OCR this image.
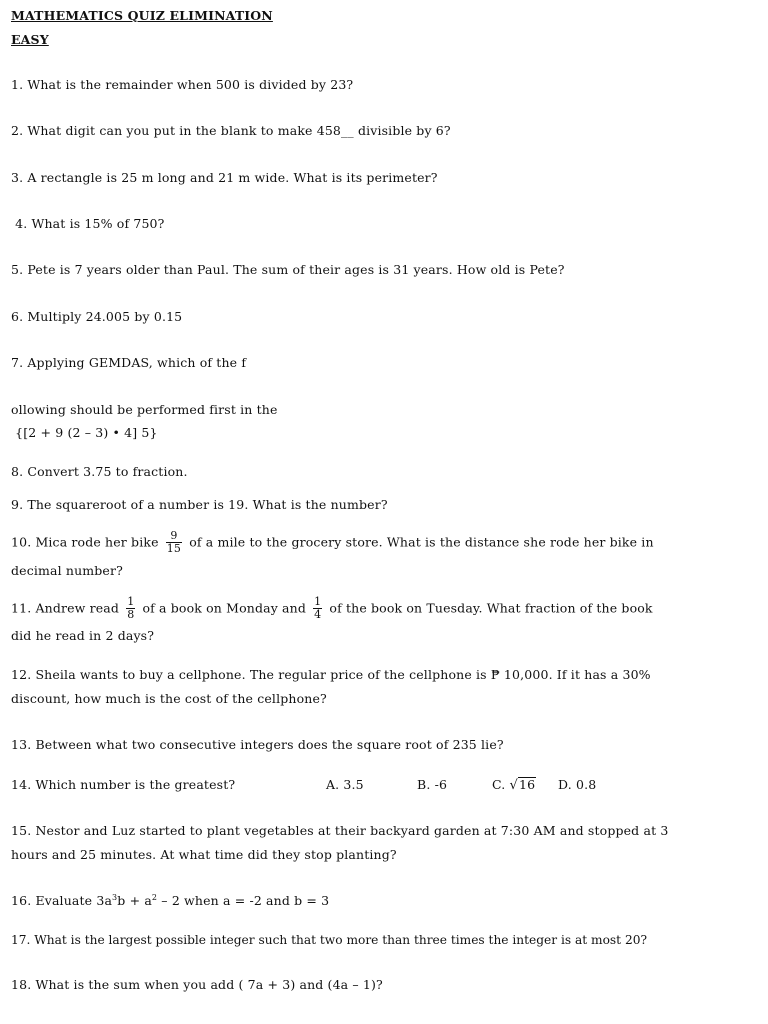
MATHEMATICS QUIZ ELIMINATION
EASY
1. What is the remainder when 500 is divided by 23?
2. What digit can you put in the blank to make 458__ divisible by 6?
3. A rectangle is 25 m long and 21 m wide. What is its perimeter?
4. What is 15% of 750?
5. Pete is 7 years older than Paul. The sum of their ages is 31 years. How old is Pete?
6. Multiply 24.005 by 0.15
7. Applying GEMDAS, which of the f
ollowing should be performed first in the
{[2 + 9 (2 – 3) • 4] 5}
8. Convert 3.75 to fraction.
9. The squareroot of a number is 19. What is the number?
10. Mica rode her bike $\frac{9}{15}$ of a mile to the grocery store. What is the distance she rode her bike in
decimal number?
11. Andrew read $\frac{1}{8}$ of a book on Monday and $\frac{1}{4}$ of the book on Tuesday. What fraction of the book
did he read in 2 days?
12. Sheila wants to buy a cellphone. The regular price of the cellphone is ₱ 10,000. If it has a 30%
discount, how much is the cost of the cellphone?
13. Between what two consecutive integers does the square root of 235 lie?
14. Which number is the greatest?	A. 3.5	B. -6	C. √ 16 D. 0.8
15. Nestor and Luz started to plant vegetables at their backyard garden at 7:30 AM and stopped at 3
hours and 25 minutes. At what time did they stop planting?
16. Evaluate $3a^3b + a^2 - 2$ when a = -2 and b = 3
17. What is the largest possible integer such that two more than three times the integer is at most 20?
18. What is the sum when you add ( 7a + 3) and (4a – 1)?
